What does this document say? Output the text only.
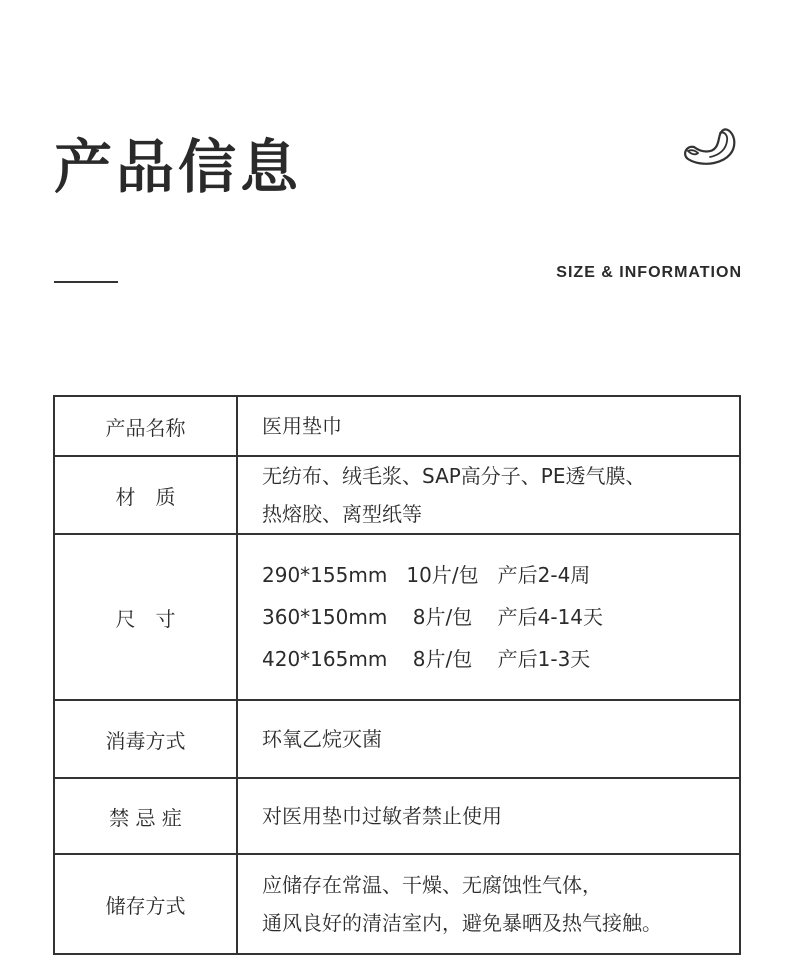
产品信息
SIZE & INFORMATION
产品名称	医用垫巾

材　质	无纺布、绒毛浆、SAP高分子、PE透气膜、
热熔胶、离型纸等

尺　寸	290*155mm   10片/包   产后2-4周
360*150mm    8片/包    产后4-14天
420*165mm    8片/包    产后1-3天

消毒方式	环氧乙烷灭菌

禁 忌 症	对医用垫巾过敏者禁止使用

储存方式	应储存在常温、干燥、无腐蚀性气体，
通风良好的清洁室内，避免暴晒及热气接触。
